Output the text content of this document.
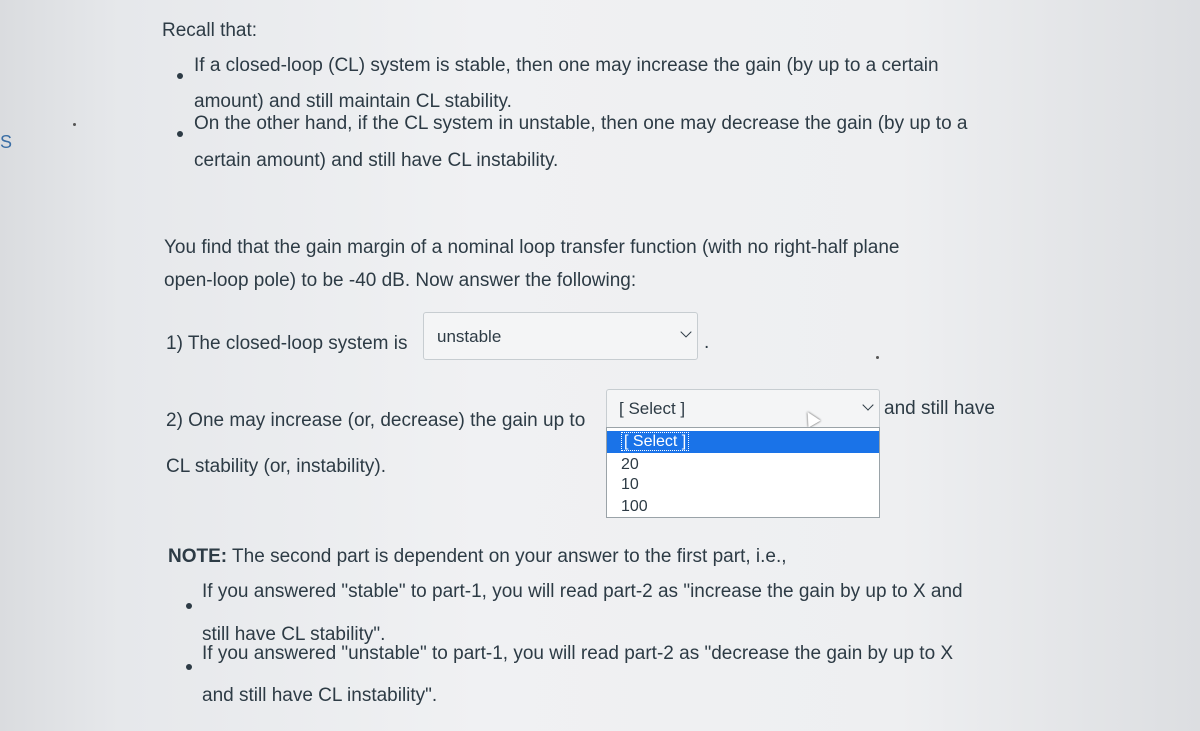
S
Recall that:
If a closed-loop (CL) system is stable, then one may increase the gain (by up to a certain
amount) and still maintain CL stability.
On the other hand, if the CL system in unstable, then one may decrease the gain (by up to a
certain amount) and still have CL instability.
You find that the gain margin of a nominal loop transfer function (with no right-half plane
open-loop pole) to be -40 dB. Now answer the following:
1) The closed-loop system is unstable	.
2) One may increase (or, decrease) the gain up to
[ Select ]	and still have
[ Select ]
20
10
100
CL stability (or, instability).
NOTE: The second part is dependent on your answer to the first part, i.e.,
If you answered "stable" to part-1, you will read part-2 as "increase the gain by up to X and
still have CL stability".
If you answered "unstable" to part-1, you will read part-2 as "decrease the gain by up to X
and still have CL instability".
